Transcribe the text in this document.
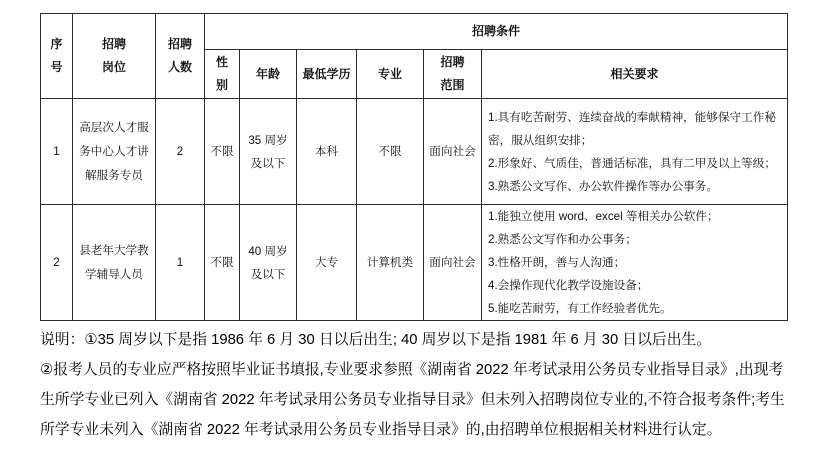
序号	招聘岗位	招聘人数	招聘条件					
			性别	年龄	最低学历	专业	招聘范围	相关要求
1	高层次人才服务中心人才讲解服务专员	2	不限	35 周岁及以下	本科	不限	面向社会	1.具有吃苦耐劳、连续奋战的奉献精神，能够保守工作秘密，服从组织安排；
2.形象好、气质佳，普通话标准，具有二甲及以上等级；
3.熟悉公文写作、办公软件操作等办公事务。

2	县老年大学教学辅导人员	1	不限	40 周岁及以下	大专	计算机类	面向社会	1.能独立使用 word、excel 等相关办公软件；
2.熟悉公文写作和办公事务；
3.性格开朗，善与人沟通；
4.会操作现代化教学设施设备；
5.能吃苦耐劳，有工作经验者优先。

说明：①35 周岁以下是指 1986 年 6 月 30 日以后出生; 40 周岁以下是指 1981 年 6 月 30 日以后出生。

②报考人员的专业应严格按照毕业证书填报,专业要求参照《湖南省 2022 年考试录用公务员专业指导目录》,出现考生所学专业已列入《湖南省 2022 年考试录用公务员专业指导目录》但未列入招聘岗位专业的,不符合报考条件;考生所学专业未列入《湖南省 2022 年考试录用公务员专业指导目录》的,由招聘单位根据相关材料进行认定。
